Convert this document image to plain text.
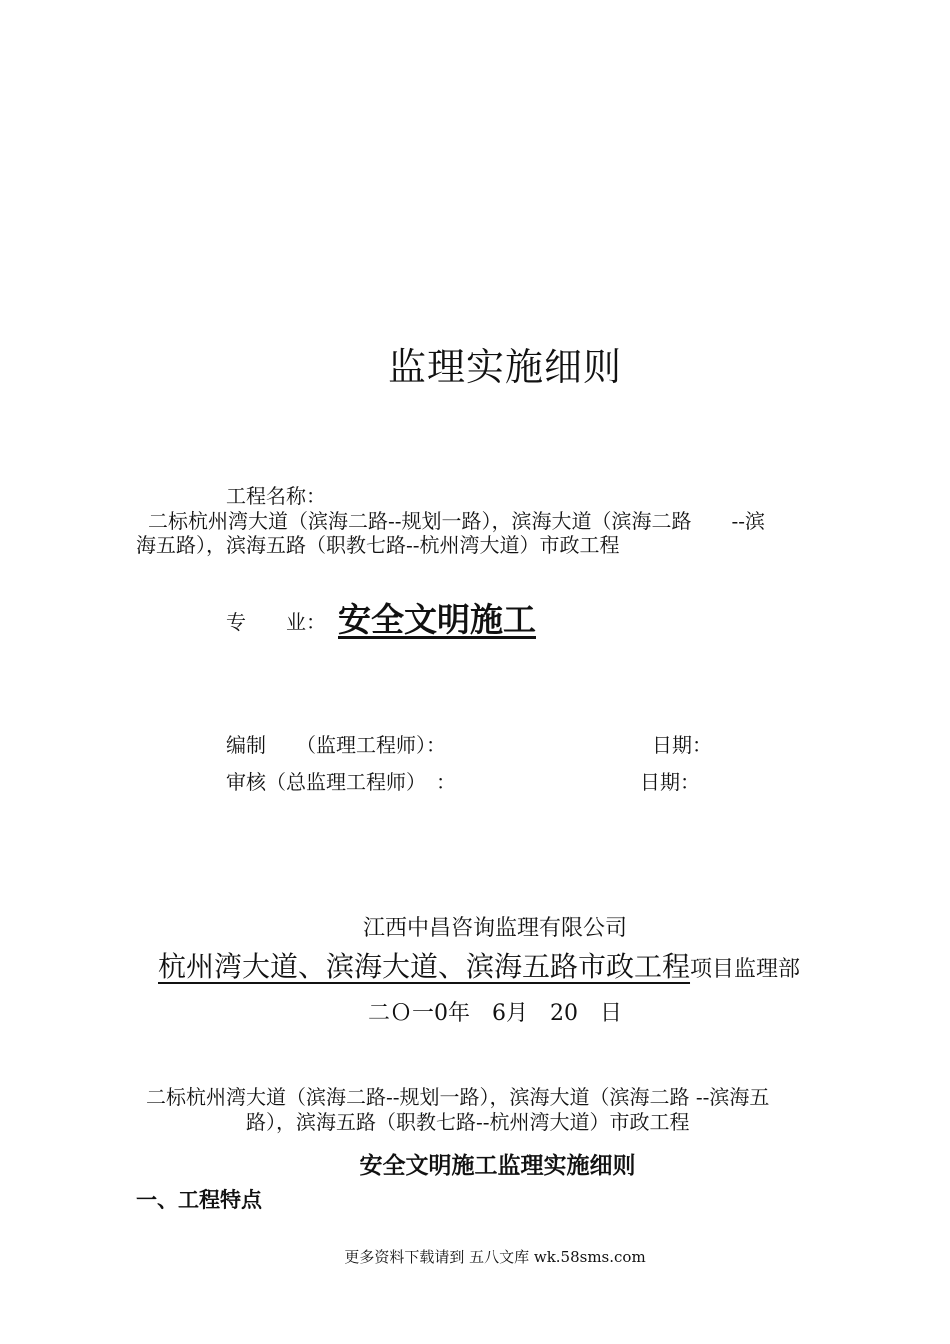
监理实施细则
工程名称：
二标杭州湾大道（滨海二路--规划一路），滨海大道（滨海二路　　--滨
海五路），滨海五路（职教七路--杭州湾大道）市政工程
专　　业： 安全文明施工
编制　　（监理工程师）：	日期：
审核（总监理工程师）　：	日期：
江西中昌咨询监理有限公司
杭州湾大道、滨海大道、滨海五路市政工程项目监理部
二Ｏ一0年　6月　20　日
二标杭州湾大道（滨海二路--规划一路），滨海大道（滨海二路 --滨海五
路），滨海五路（职教七路--杭州湾大道）市政工程
安全文明施工监理实施细则
一、工程特点
更多资料下载请到 五八文库 wk.58sms.com
